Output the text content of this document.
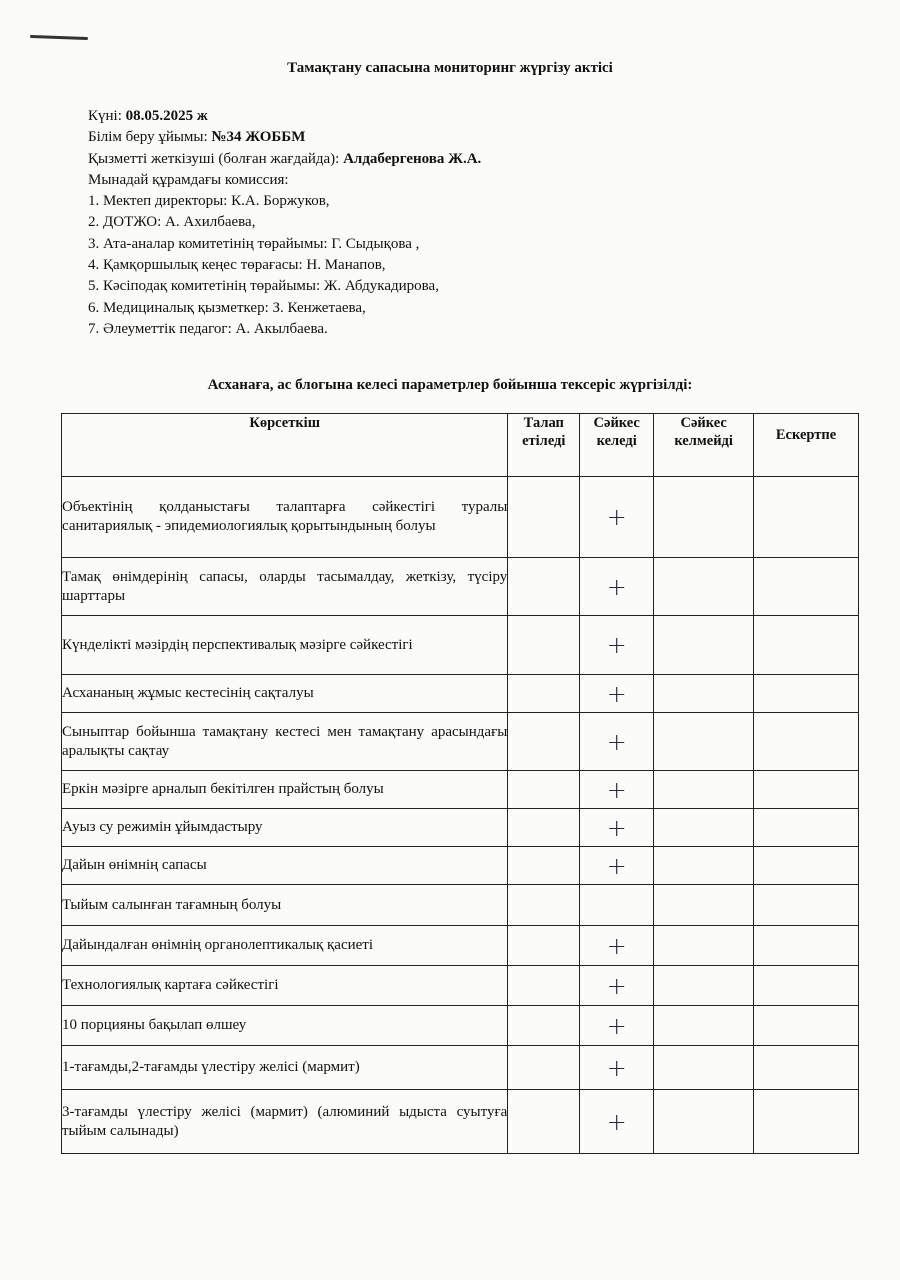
Тамақтану сапасына мониторинг жүргізу актісі
Күні: 08.05.2025 ж
Білім беру ұйымы: №34 ЖОББМ
Қызметті жеткізуші (болған жағдайда): Алдабергенова Ж.А.
Мынадай құрамдағы комиссия:
1. Мектеп директоры: К.А. Боржуков,
2. ДОТЖО: А. Ахилбаева,
3. Ата-аналар комитетінің төрайымы: Г. Сыдықова ,
4. Қамқоршылық кеңес төрағасы: Н. Манапов,
5. Кәсіподақ комитетінің төрайымы: Ж. Абдукадирова,
6. Медициналық қызметкер: З. Кенжетаева,
7. Әлеуметтік педагог: А. Акылбаева.
Асханаға, ас блогына келесі параметрлер бойынша тексеріс жүргізілді:
Көрсеткіш	Талап етіледі	Сәйкес келеді	Сәйкес келмейді	Ескертпе
Объектінің қолданыстағы талаптарға сәйкестігі туралы санитариялық - эпидемиологиялық қорытындының болуы		+		
Тамақ өнімдерінің сапасы, оларды тасымалдау, жеткізу, түсіру шарттары		+		
Күнделікті мәзірдің перспективалық мәзірге сәйкестігі		+		
Асхананың жұмыс кестесінің сақталуы		+		
Сыныптар бойынша тамақтану кестесі мен тамақтану арасындағы аралықты сақтау		+		
Еркін мәзірге арналып бекітілген прайстың болуы		+		
Ауыз су режимін ұйымдастыру		+		
Дайын өнімнің сапасы		+		
Тыйым салынған тағамның болуы				
Дайындалған өнімнің органолептикалық қасиеті		+		
Технологиялық картаға сәйкестігі		+		
10 порцияны бақылап өлшеу		+		
1-тағамды,2-тағамды үлестіру желісі (мармит)		+		
3-тағамды үлестіру желісі (мармит) (алюминий ыдыста суытуға тыйым салынады)		+		
